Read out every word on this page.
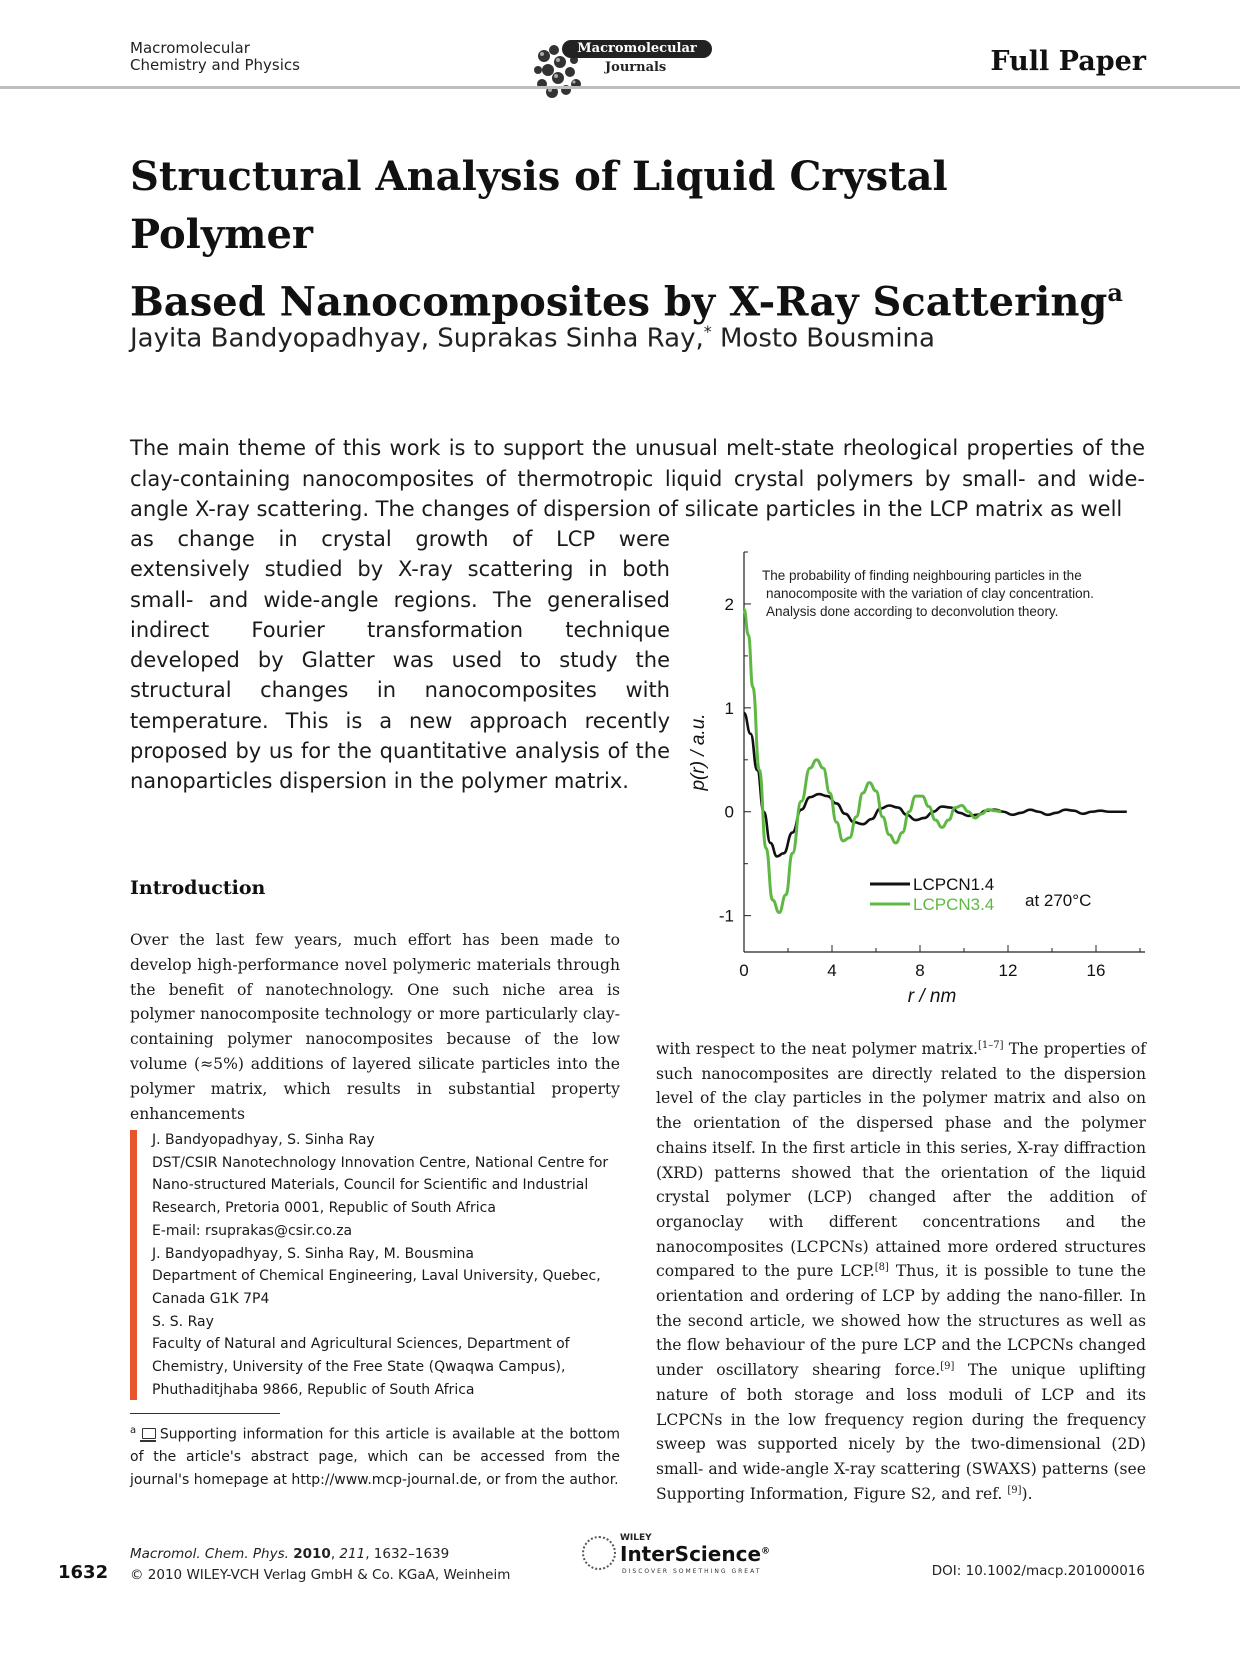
Macromolecular
Chemistry and Physics
Macromolecular
Journals	Full Paper
Structural Analysis of Liquid Crystal Polymer
Based Nanocomposites by X-Ray Scattering$^a$
Jayita Bandyopadhyay, Suprakas Sinha Ray,* Mosto Bousmina

The main theme of this work is to support the unusual melt-state rheological properties of the clay-containing nanocomposites of thermotropic liquid crystal polymers by small- and wide-angle X-ray scattering. The changes of dispersion of silicate particles in the LCP matrix as well

as change in crystal growth of LCP were extensively studied by X-ray scattering in both small- and wide-angle regions. The generalised indirect Fourier transformation technique developed by Glatter was used to study the structural changes in nanocomposites with temperature. This is a new approach recently proposed by us for the quantitative analysis of the nanoparticles dispersion in the polymer matrix.

0	4	8	12	16
-1
0
1
2
r / nm
p(r) / a.u.
The probability of finding neighbouring particles in the
nanocomposite with the variation of clay concentration.
Analysis done according to deconvolution theory.
LCPCN1.4
LCPCN3.4 at 270°C
Introduction

Over the last few years, much effort has been made to develop high-performance novel polymeric materials through the benefit of nanotechnology. One such niche area is polymer nanocomposite technology or more particularly clay-containing polymer nanocomposites because of the low volume (≈5%) additions of layered silicate particles into the polymer matrix, which results in substantial property enhancements

J. Bandyopadhyay, S. Sinha Ray
DST/CSIR Nanotechnology Innovation Centre, National Centre for Nano-structured Materials, Council for Scientific and Industrial Research, Pretoria 0001, Republic of South Africa
E-mail: rsuprakas@csir.co.za
J. Bandyopadhyay, S. Sinha Ray, M. Bousmina
Department of Chemical Engineering, Laval University, Quebec, Canada G1K 7P4
S. S. Ray
Faculty of Natural and Agricultural Sciences, Department of Chemistry, University of the Free State (Qwaqwa Campus), Phuthaditjhaba 9866, Republic of South Africa
$^a$ Supporting information for this article is available at the bottom of the article's abstract page, which can be accessed from the journal's homepage at http://www.mcp-journal.de, or from the author.

with respect to the neat polymer matrix.[1–7] The properties of such nanocomposites are directly related to the dispersion level of the clay particles in the polymer matrix and also on the orientation of the dispersed phase and the polymer chains itself. In the first article in this series, X-ray diffraction (XRD) patterns showed that the orientation of the liquid crystal polymer (LCP) changed after the addition of organoclay with different concentrations and the nanocomposites (LCPCNs) attained more ordered structures compared to the pure LCP.[8] Thus, it is possible to tune the orientation and ordering of LCP by adding the nano-filler. In the second article, we showed how the structures as well as the flow behaviour of the pure LCP and the LCPCNs changed under oscillatory shearing force.[9] The unique uplifting nature of both storage and loss moduli of LCP and its LCPCNs in the low frequency region during the frequency sweep was supported nicely by the two-dimensional (2D) small- and wide-angle X-ray scattering (SWAXS) patterns (see Supporting Information, Figure S2, and ref. [9]).

1632
Macromol. Chem. Phys. 2010, 211, 1632–1639
© 2010 WILEY-VCH Verlag GmbH & Co. KGaA, Weinheim
WILEY
InterScience®
DISCOVER SOMETHING GREAT	DOI: 10.1002/macp.201000016
